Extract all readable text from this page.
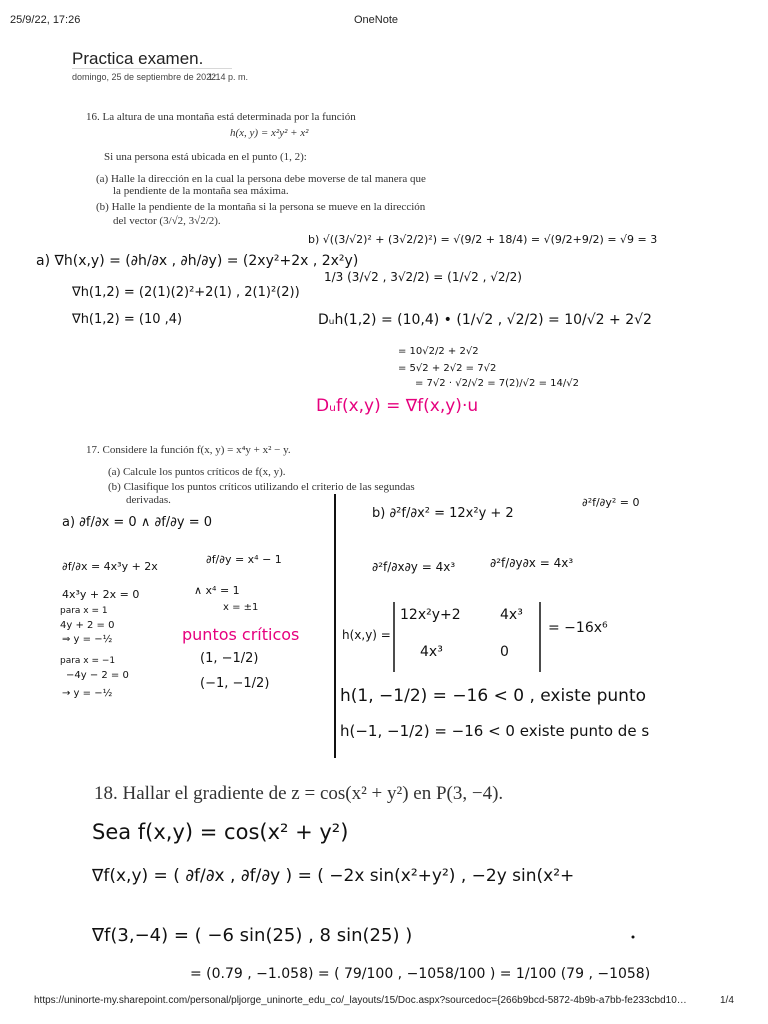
25/9/22, 17:26	OneNote
Practica examen.
domingo, 25 de septiembre de 2022
1:14 p. m.
16. La altura de una montaña está determinada por la función
h(x, y) = x²y² + x²
Si una persona está ubicada en el punto (1, 2):
(a) Halle la dirección en la cual la persona debe moverse de tal manera que
la pendiente de la montaña sea máxima.
(b) Halle la pendiente de la montaña si la persona se mueve en la dirección
del vector (3/√2, 3√2/2).
a) ∇h(x,y) = (∂h/∂x , ∂h/∂y) = (2xy²+2x , 2x²y)
∇h(1,2) = (2(1)(2)²+2(1) , 2(1)²(2))
∇h(1,2) = (10 ,4)
b) √((3/√2)² + (3√2/2)²) = √(9/2 + 18/4) = √(9/2+9/2) = √9 = 3
1/3 (3/√2 , 3√2/2) = (1/√2 , √2/2)
Dᵤh(1,2) = (10,4) • (1/√2 , √2/2) = 10/√2 + 2√2
= 10√2/2 + 2√2
= 5√2 + 2√2 = 7√2
= 7√2 · √2/√2 = 7(2)/√2 = 14/√2
Dᵤf(x,y) = ∇f(x,y)·u
17. Considere la función f(x, y) = x⁴y + x² − y.
(a) Calcule los puntos críticos de f(x, y).
(b) Clasifique los puntos críticos utilizando el criterio de las segundas
derivadas.
a) ∂f/∂x = 0 ∧ ∂f/∂y = 0
∂f/∂x = 4x³y + 2x
∂f/∂y = x⁴ − 1
4x³y + 2x = 0	∧ x⁴ = 1
x = ±1
para x = 1
4y + 2 = 0
⇒ y = −½
para x = −1
−4y − 2 = 0
→ y = −½
puntos críticos
(1, −1/2)
(−1, −1/2)
b) ∂²f/∂x² = 12x²y + 2
∂²f/∂y² = 0
∂²f/∂x∂y = 4x³	∂²f/∂y∂x = 4x³
h(x,y) =
12x²y+2	4x³
4x³	0
= −16x⁶
h(1, −1/2) = −16 < 0 , existe punto
h(−1, −1/2) = −16 < 0 existe punto de s
18. Hallar el gradiente de z = cos(x² + y²) en P(3, −4).
Sea f(x,y) = cos(x² + y²)
∇f(x,y) = ( ∂f/∂x , ∂f/∂y ) = ( −2x sin(x²+y²) , −2y sin(x²+
∇f(3,−4) = ( −6 sin(25) , 8 sin(25) )
= (0.79 , −1.058) = ( 79/100 , −1058/100 ) = 1/100 (79 , −1058)
https://uninorte-my.sharepoint.com/personal/pljorge_uninorte_edu_co/_layouts/15/Doc.aspx?sourcedoc={266b9bcd-5872-4b9b-a7bb-fe233cbd10…	1/4
